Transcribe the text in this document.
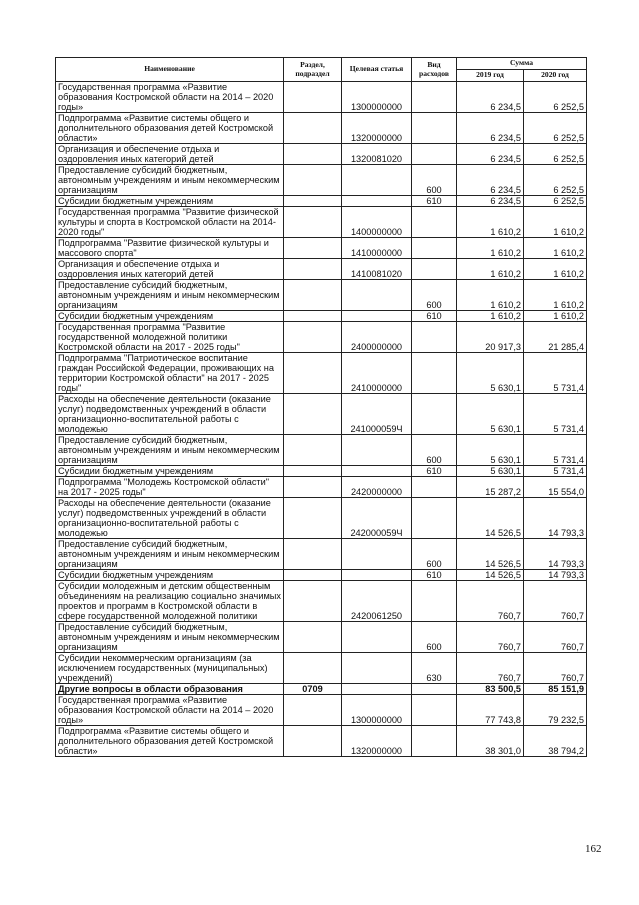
Наименование	Раздел, подраздел	Целевая статья	Вид расходов	Сумма	
				2019 год	2020 год
Государственная программа «Развитие образования Костромской области на 2014 – 2020 годы»		1300000000		6 234,5	6 252,5
Подпрограмма «Развитие системы общего и дополнительного образования детей Костромской области»		1320000000		6 234,5	6 252,5
Организация и обеспечение отдыха и оздоровления иных категорий детей		1320081020		6 234,5	6 252,5
Предоставление субсидий бюджетным, автономным учреждениям и иным некоммерческим организациям			600	6 234,5	6 252,5
Субсидии бюджетным учреждениям			610	6 234,5	6 252,5
Государственная программа "Развитие физической культуры и спорта в Костромской области на 2014-2020 годы"		1400000000		1 610,2	1 610,2
Подпрограмма "Развитие физической культуры и массового спорта"		1410000000		1 610,2	1 610,2
Организация и обеспечение отдыха и оздоровления иных категорий детей		1410081020		1 610,2	1 610,2
Предоставление субсидий бюджетным, автономным учреждениям и иным некоммерческим организациям			600	1 610,2	1 610,2
Субсидии бюджетным учреждениям			610	1 610,2	1 610,2
Государственная программа "Развитие государственной молодежной политики Костромской области на 2017 - 2025 годы"		2400000000		20 917,3	21 285,4
Подпрограмма "Патриотическое воспитание граждан Российской Федерации, проживающих на территории Костромской области" на 2017 - 2025 годы"		2410000000		5 630,1	5 731,4
Расходы на обеспечение деятельности (оказание услуг) подведомственных учреждений в области организационно-воспитательной работы с молодежью		241000059Ч		5 630,1	5 731,4
Предоставление субсидий бюджетным, автономным учреждениям и иным некоммерческим организациям			600	5 630,1	5 731,4
Субсидии бюджетным учреждениям			610	5 630,1	5 731,4
Подпрограмма "Молодежь Костромской области" на 2017 - 2025 годы"		2420000000		15 287,2	15 554,0
Расходы на обеспечение деятельности (оказание услуг) подведомственных учреждений в области организационно-воспитательной работы с молодежью		242000059Ч		14 526,5	14 793,3
Предоставление субсидий бюджетным, автономным учреждениям и иным некоммерческим организациям			600	14 526,5	14 793,3
Субсидии бюджетным учреждениям			610	14 526,5	14 793,3
Субсидии молодежным и детским общественным объединениям на реализацию социально значимых проектов и программ в Костромской области в сфере государственной молодежной политики		2420061250		760,7	760,7
Предоставление субсидий бюджетным, автономным учреждениям и иным некоммерческим организациям			600	760,7	760,7
Субсидии некоммерческим организациям (за исключением государственных (муниципальных) учреждений)			630	760,7	760,7
Другие вопросы в области образования	0709			83 500,5	85 151,9
Государственная программа «Развитие образования Костромской области на 2014 – 2020 годы»		1300000000		77 743,8	79 232,5
Подпрограмма «Развитие системы общего и дополнительного образования детей Костромской области»		1320000000		38 301,0	38 794,2
162
